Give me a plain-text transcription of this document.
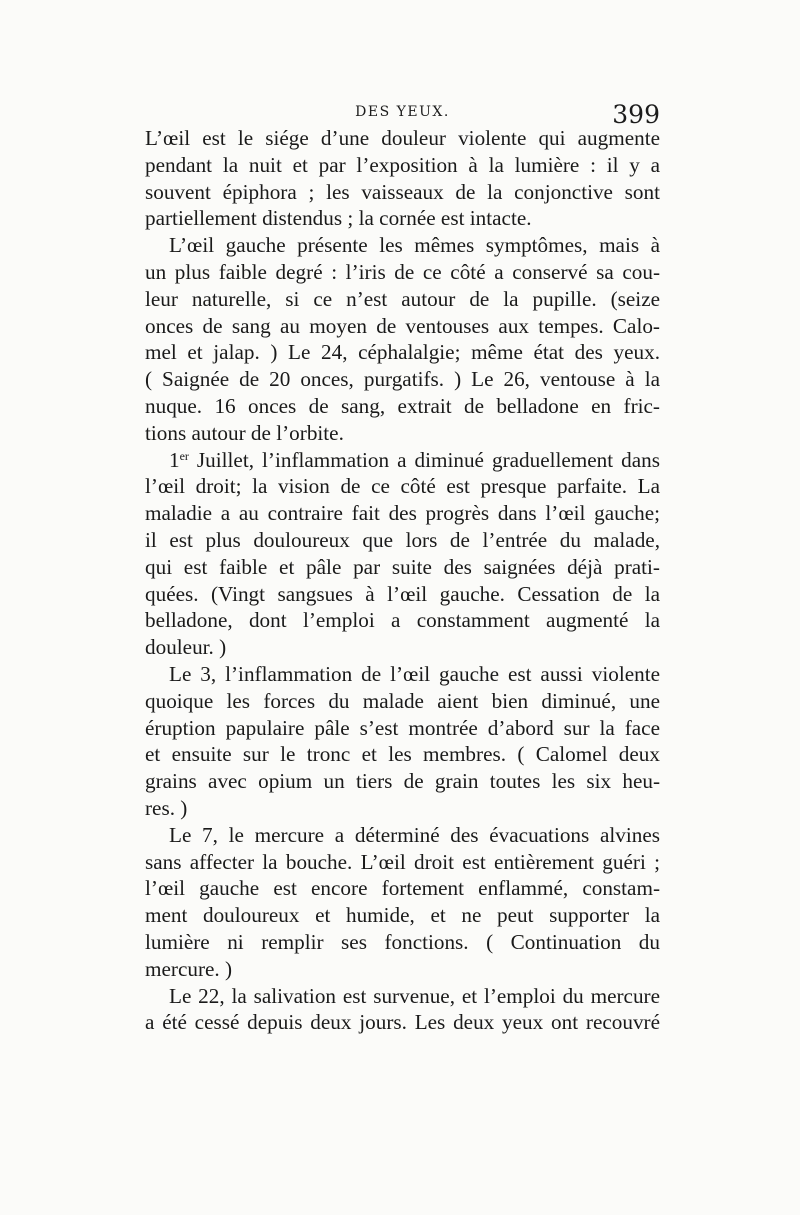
DES YEUX.	399
L’œil est le siége d’une douleur violente qui augmente
pendant la nuit et par l’exposition à la lumière : il y a
souvent épiphora ; les vaisseaux de la conjonctive sont
partiellement distendus ; la cornée est intacte.
L’œil gauche présente les mêmes symptômes, mais à
un plus faible degré : l’iris de ce côté a conservé sa cou-
leur naturelle, si ce n’est autour de la pupille. (seize
onces de sang au moyen de ventouses aux tempes. Calo-
mel et jalap. ) Le 24, céphalalgie; même état des yeux.
( Saignée de 20 onces, purgatifs. ) Le 26, ventouse à la
nuque. 16 onces de sang, extrait de belladone en fric-
tions autour de l’orbite.
1er Juillet, l’inflammation a diminué graduellement dans
l’œil droit; la vision de ce côté est presque parfaite. La
maladie a au contraire fait des progrès dans l’œil gauche;
il est plus douloureux que lors de l’entrée du malade,
qui est faible et pâle par suite des saignées déjà prati-
quées. (Vingt sangsues à l’œil gauche. Cessation de la
belladone, dont l’emploi a constamment augmenté la
douleur. )
Le 3, l’inflammation de l’œil gauche est aussi violente
quoique les forces du malade aient bien diminué, une
éruption papulaire pâle s’est montrée d’abord sur la face
et ensuite sur le tronc et les membres. ( Calomel deux
grains avec opium un tiers de grain toutes les six heu-
res. )
Le 7, le mercure a déterminé des évacuations alvines
sans affecter la bouche. L’œil droit est entièrement guéri ;
l’œil gauche est encore fortement enflammé, constam-
ment douloureux et humide, et ne peut supporter la
lumière ni remplir ses fonctions. ( Continuation du
mercure. )
Le 22, la salivation est survenue, et l’emploi du mercure
a été cessé depuis deux jours. Les deux yeux ont recouvré
